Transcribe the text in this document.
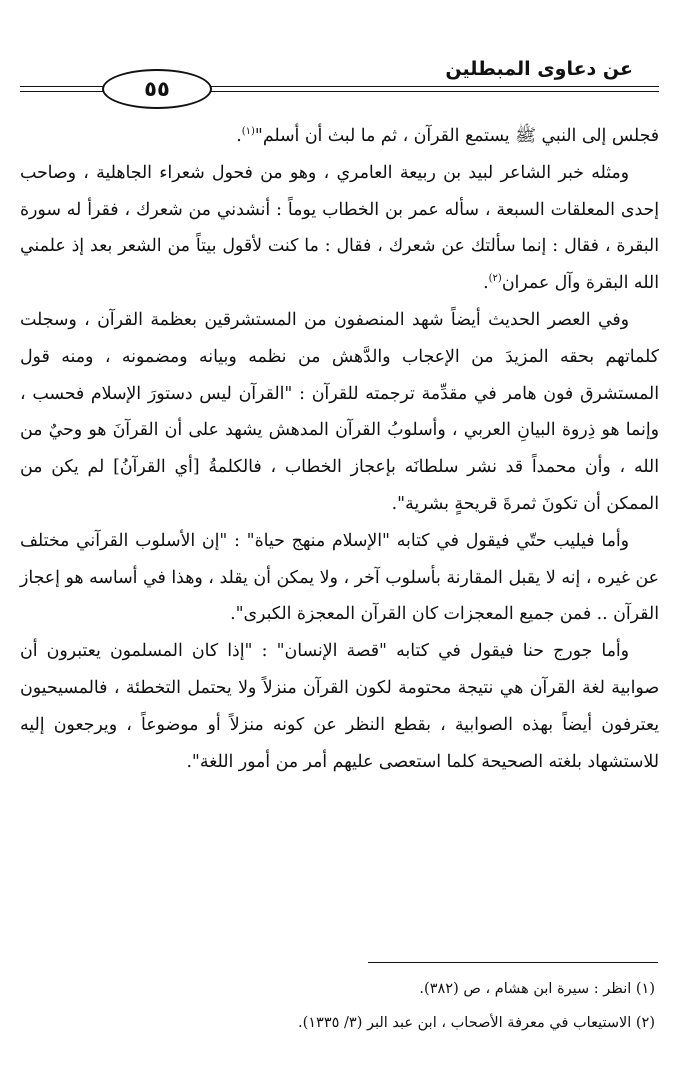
عن دعاوى المبطلين
٥٥

فجلس إلى النبي ﷺ يستمع القرآن ، ثم ما لبث أن أسلم"$^{(١)}$.

ومثله خبر الشاعر لبيد بن ربيعة العامري ، وهو من فحول شعراء الجاهلية ، وصاحب إحدى المعلقات السبعة ، سأله عمر بن الخطاب يوماً : أنشدني من شعرك ، فقرأ له سورة البقرة ، فقال : إنما سألتك عن شعرك ، فقال : ما كنت لأقول بيتاً من الشعر بعد إذ علمني الله البقرة وآل عمران$^{(٢)}$.

وفي العصر الحديث أيضاً شهد المنصفون من المستشرقين بعظمة القرآن ، وسجلت كلماتهم بحقه المزيدَ من الإعجاب والدَّهش من نظمه وبيانه ومضمونه ، ومنه قول المستشرق فون هامر في مقدِّمة ترجمته للقرآن : "القرآن ليس دستورَ الإسلام فحسب ، وإنما هو ذِروة البيانِ العربي ، وأسلوبُ القرآن المدهش يشهد على أن القرآنَ هو وحيٌ من الله ، وأن محمداً قد نشر سلطانَه بإعجاز الخطاب ، فالكلمةُ [أي القرآنُ] لم يكن من الممكن أن تكونَ ثمرةَ قريحةٍ بشرية".

وأما فيليب حتّي فيقول في كتابه "الإسلام منهج حياة" : "إن الأسلوب القرآني مختلف عن غيره ، إنه لا يقبل المقارنة بأسلوب آخر ، ولا يمكن أن يقلد ، وهذا في أساسه هو إعجاز القرآن .. فمن جميع المعجزات كان القرآن المعجزة الكبرى".

وأما جورج حنا فيقول في كتابه "قصة الإنسان" : "إذا كان المسلمون يعتبرون أن صوابية لغة القرآن هي نتيجة محتومة لكون القرآن منزلاً ولا يحتمل التخطئة ، فالمسيحيون يعترفون أيضاً بهذه الصوابية ، بقطع النظر عن كونه منزلاً أو موضوعاً ، ويرجعون إليه للاستشهاد بلغته الصحيحة كلما استعصى عليهم أمر من أمور اللغة".

(١) انظر : سيرة ابن هشام ، ص (٣٨٢).

(٢) الاستيعاب في معرفة الأصحاب ، ابن عبد البر (٣/ ١٣٣٥).
